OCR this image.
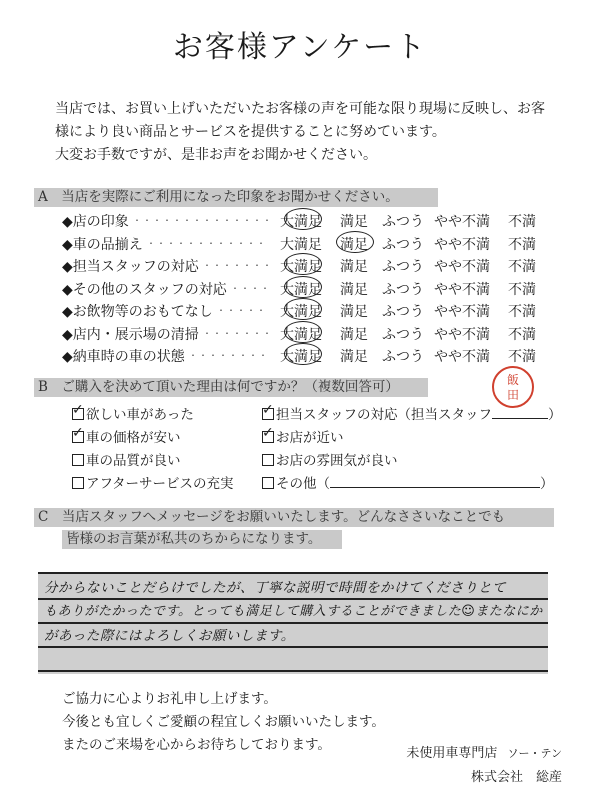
お客様アンケート
当店では、お買い上げいただいたお客様の声を可能な限り現場に反映し、お客
様により良い商品とサービスを提供することに努めています。
大変お手数ですが、是非お声をお聞かせください。
A　当店を実際にご利用になった印象をお聞かせください。
◆店の印象 ・・・・・・・・・・・・・・ 大満足 満足 ふつう やや不満 不満
◆車の品揃え ・・・・・・・・・・・・ 大満足 満足 ふつう やや不満 不満
◆担当スタッフの対応 ・・・・・・・ 大満足 満足 ふつう やや不満 不満
◆その他のスタッフの対応 ・・・・ 大満足 満足 ふつう やや不満 不満
◆お飲物等のおもてなし ・・・・・ 大満足 満足 ふつう やや不満 不満
◆店内・展示場の清掃 ・・・・・・・ 大満足 満足 ふつう やや不満 不満
◆納車時の車の状態 ・・・・・・・・ 大満足 満足 ふつう やや不満 不満
B　ご購入を決めて頂いた理由は何ですか？（複数回答可）	飯
田
✓欲しい車があった
✓車の価格が安い
車の品質が良い
アフターサービスの充実
✓担当スタッフの対応（担当スタッフ	）
✓お店が近い
お店の雰囲気が良い
その他（	）
C　当店スタッフへメッセージをお願いいたします。どんなささいなことでも
皆様のお言葉が私共のちからになります。
分からないことだらけでしたが、丁寧な説明で時間をかけてくださりとて
もありがたかったです。とっても満足して購入することができました☺またなにか
があった際にはよろしくお願いします。
ご協力に心よりお礼申し上げます。
今後とも宜しくご愛顧の程宜しくお願いいたします。
またのご来場を心からお待ちしております。
未使用車専門店 ソー・テン
株式会社　総産
